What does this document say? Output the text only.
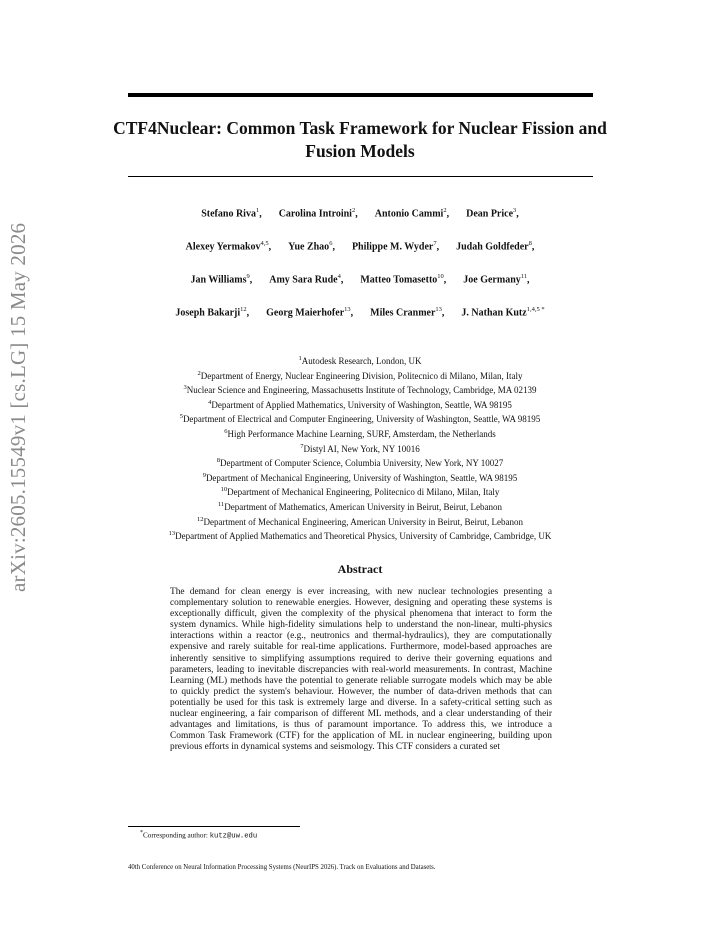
arXiv:2605.15549v1 [cs.LG] 15 May 2026
CTF4Nuclear: Common Task Framework for Nuclear Fission and Fusion Models
Stefano Riva$^1$, Carolina Introini$^2$, Antonio Cammi$^2$, Dean Price$^3$,
Alexey Yermakov$^{4,5}$, Yue Zhao$^6$, Philippe M. Wyder$^7$, Judah Goldfeder$^8$,
Jan Williams$^9$, Amy Sara Rude$^4$, Matteo Tomasetto$^{10}$, Joe Germany$^{11}$,
Joseph Bakarji$^{12}$, Georg Maierhofer$^{13}$, Miles Cranmer$^{13}$, J. Nathan Kutz$^{1,4,5 *}$
$^1$Autodesk Research, London, UK
$^2$Department of Energy, Nuclear Engineering Division, Politecnico di Milano, Milan, Italy
$^3$Nuclear Science and Engineering, Massachusetts Institute of Technology, Cambridge, MA 02139
$^4$Department of Applied Mathematics, University of Washington, Seattle, WA 98195
$^5$Department of Electrical and Computer Engineering, University of Washington, Seattle, WA 98195
$^6$High Performance Machine Learning, SURF, Amsterdam, the Netherlands
$^7$Distyl AI, New York, NY 10016
$^8$Department of Computer Science, Columbia University, New York, NY 10027
$^9$Department of Mechanical Engineering, University of Washington, Seattle, WA 98195
$^{10}$Department of Mechanical Engineering, Politecnico di Milano, Milan, Italy
$^{11}$Department of Mathematics, American University in Beirut, Beirut, Lebanon
$^{12}$Department of Mechanical Engineering, American University in Beirut, Beirut, Lebanon
$^{13}$Department of Applied Mathematics and Theoretical Physics, University of Cambridge, Cambridge, UK
Abstract

The demand for clean energy is ever increasing, with new nuclear technologies presenting a complementary solution to renewable energies. However, designing and operating these systems is exceptionally difficult, given the complexity of the physical phenomena that interact to form the system dynamics. While high-fidelity simulations help to understand the non-linear, multi-physics interactions within a reactor (e.g., neutronics and thermal-hydraulics), they are computationally expensive and rarely suitable for real-time applications. Furthermore, model-based approaches are inherently sensitive to simplifying assumptions required to derive their governing equations and parameters, leading to inevitable discrepancies with real-world measurements. In contrast, Machine Learning (ML) methods have the potential to generate reliable surrogate models which may be able to quickly predict the system's behaviour. However, the number of data-driven methods that can potentially be used for this task is extremely large and diverse. In a safety-critical setting such as nuclear engineering, a fair comparison of different ML methods, and a clear understanding of their advantages and limitations, is thus of paramount importance. To address this, we introduce a Common Task Framework (CTF) for the application of ML in nuclear engineering, building upon previous efforts in dynamical systems and seismology. This CTF considers a curated set

*Corresponding author: kutz@uw.edu
40th Conference on Neural Information Processing Systems (NeurIPS 2026). Track on Evaluations and Datasets.
